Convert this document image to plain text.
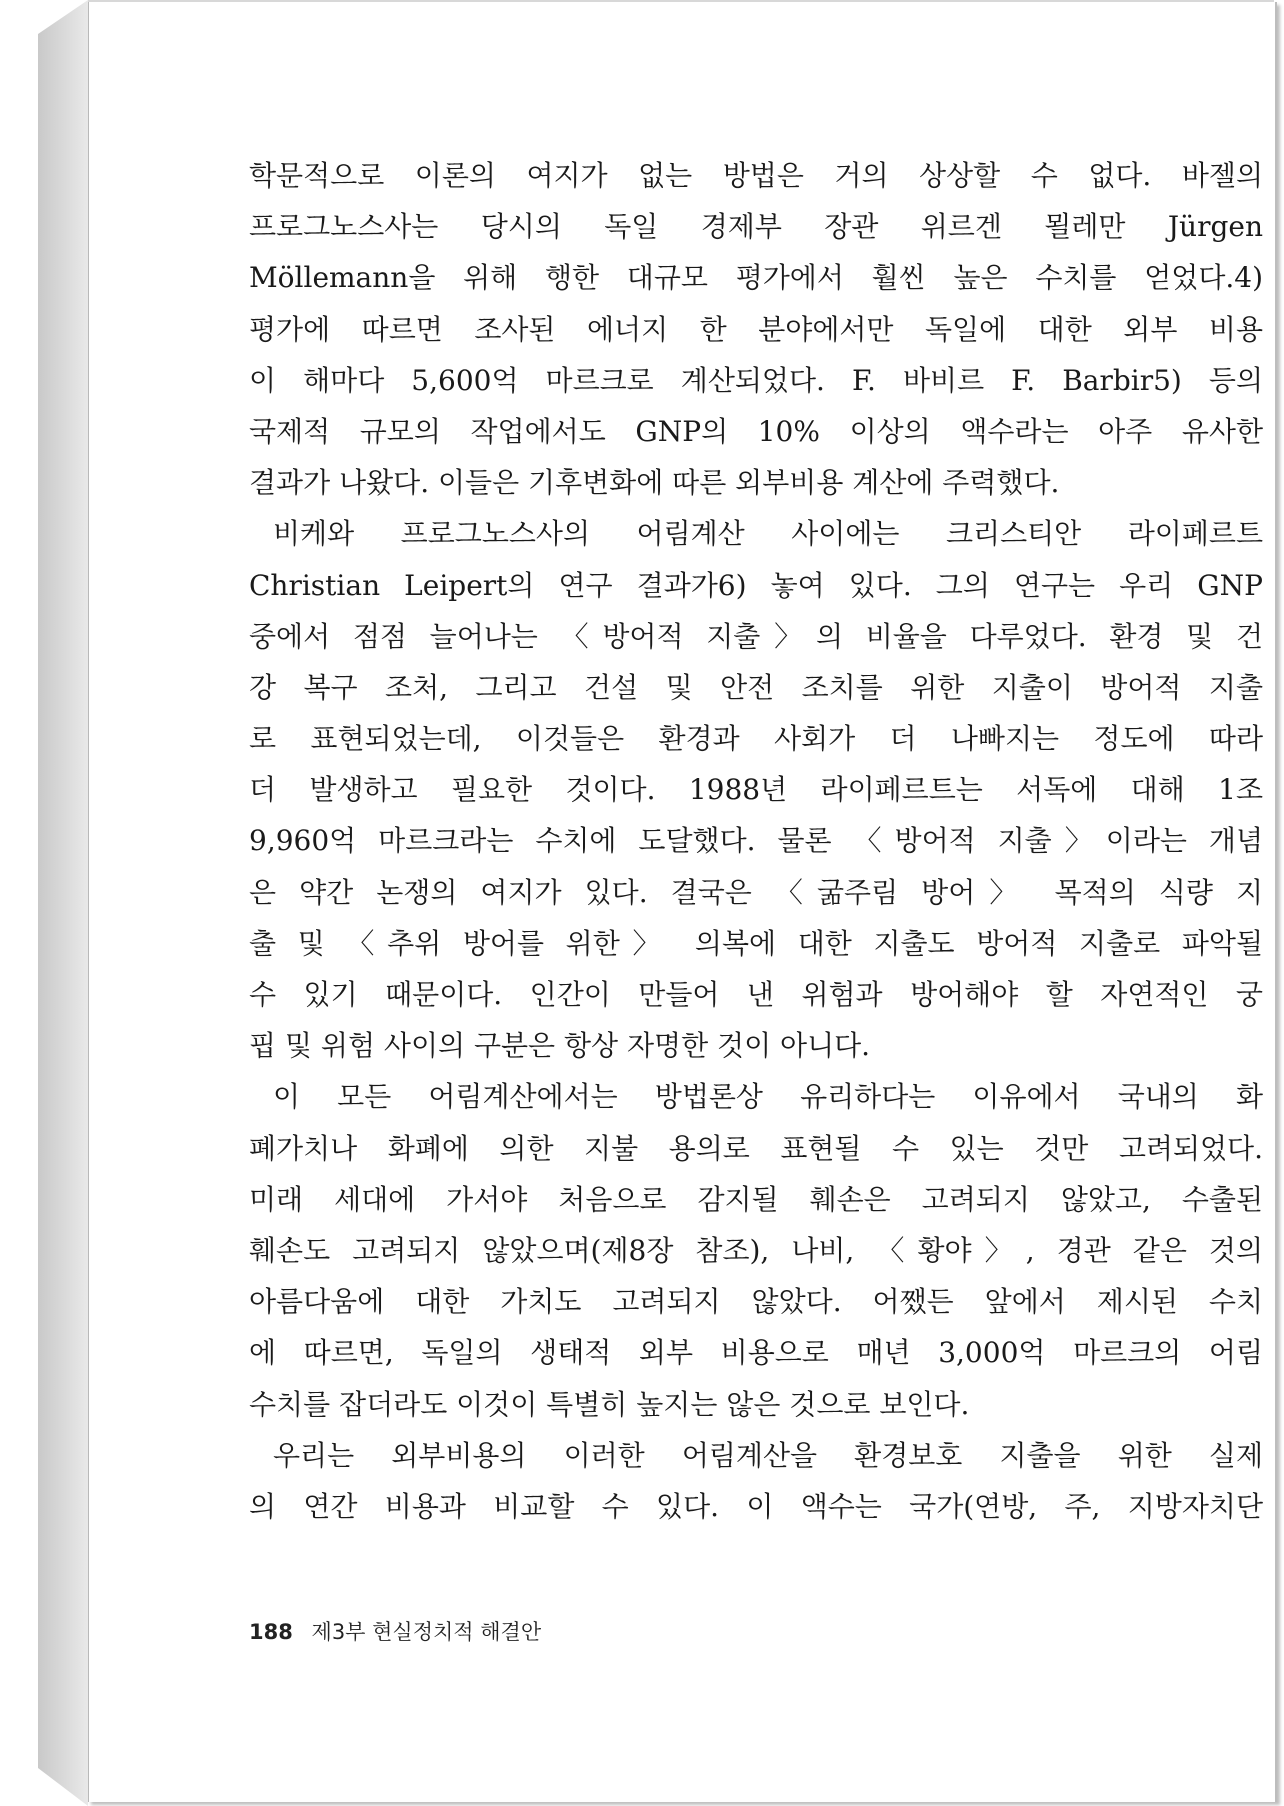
학문적으로 이론의 여지가 없는 방법은 거의 상상할 수 없다. 바젤의
프로그노스사는 당시의 독일 경제부 장관 위르겐 묄레만 Jürgen
Möllemann을 위해 행한 대규모 평가에서 훨씬 높은 수치를 얻었다.4)
평가에 따르면 조사된 에너지 한 분야에서만 독일에 대한 외부 비용
이 해마다 5,600억 마르크로 계산되었다. F. 바비르 F. Barbir5) 등의
국제적 규모의 작업에서도 GNP의 10% 이상의 액수라는 아주 유사한
결과가 나왔다. 이들은 기후변화에 따른 외부비용 계산에 주력했다.
비케와 프로그노스사의 어림계산 사이에는 크리스티안 라이페르트
Christian Leipert의 연구 결과가6) 놓여 있다. 그의 연구는 우리 GNP
중에서 점점 늘어나는 〈방어적 지출〉의 비율을 다루었다. 환경 및 건
강 복구 조처, 그리고 건설 및 안전 조치를 위한 지출이 방어적 지출
로 표현되었는데, 이것들은 환경과 사회가 더 나빠지는 정도에 따라
더 발생하고 필요한 것이다. 1988년 라이페르트는 서독에 대해 1조
9,960억 마르크라는 수치에 도달했다. 물론 〈방어적 지출〉이라는 개념
은 약간 논쟁의 여지가 있다. 결국은 〈굶주림 방어〉 목적의 식량 지
출 및 〈추위 방어를 위한〉 의복에 대한 지출도 방어적 지출로 파악될
수 있기 때문이다. 인간이 만들어 낸 위험과 방어해야 할 자연적인 궁
핍 및 위험 사이의 구분은 항상 자명한 것이 아니다.
이 모든 어림계산에서는 방법론상 유리하다는 이유에서 국내의 화
폐가치나 화폐에 의한 지불 용의로 표현될 수 있는 것만 고려되었다.
미래 세대에 가서야 처음으로 감지될 훼손은 고려되지 않았고, 수출된
훼손도 고려되지 않았으며(제8장 참조), 나비, 〈황야〉, 경관 같은 것의
아름다움에 대한 가치도 고려되지 않았다. 어쨌든 앞에서 제시된 수치
에 따르면, 독일의 생태적 외부 비용으로 매년 3,000억 마르크의 어림
수치를 잡더라도 이것이 특별히 높지는 않은 것으로 보인다.
우리는 외부비용의 이러한 어림계산을 환경보호 지출을 위한 실제
의 연간 비용과 비교할 수 있다. 이 액수는 국가(연방, 주, 지방자치단
188 제3부 현실정치적 해결안
